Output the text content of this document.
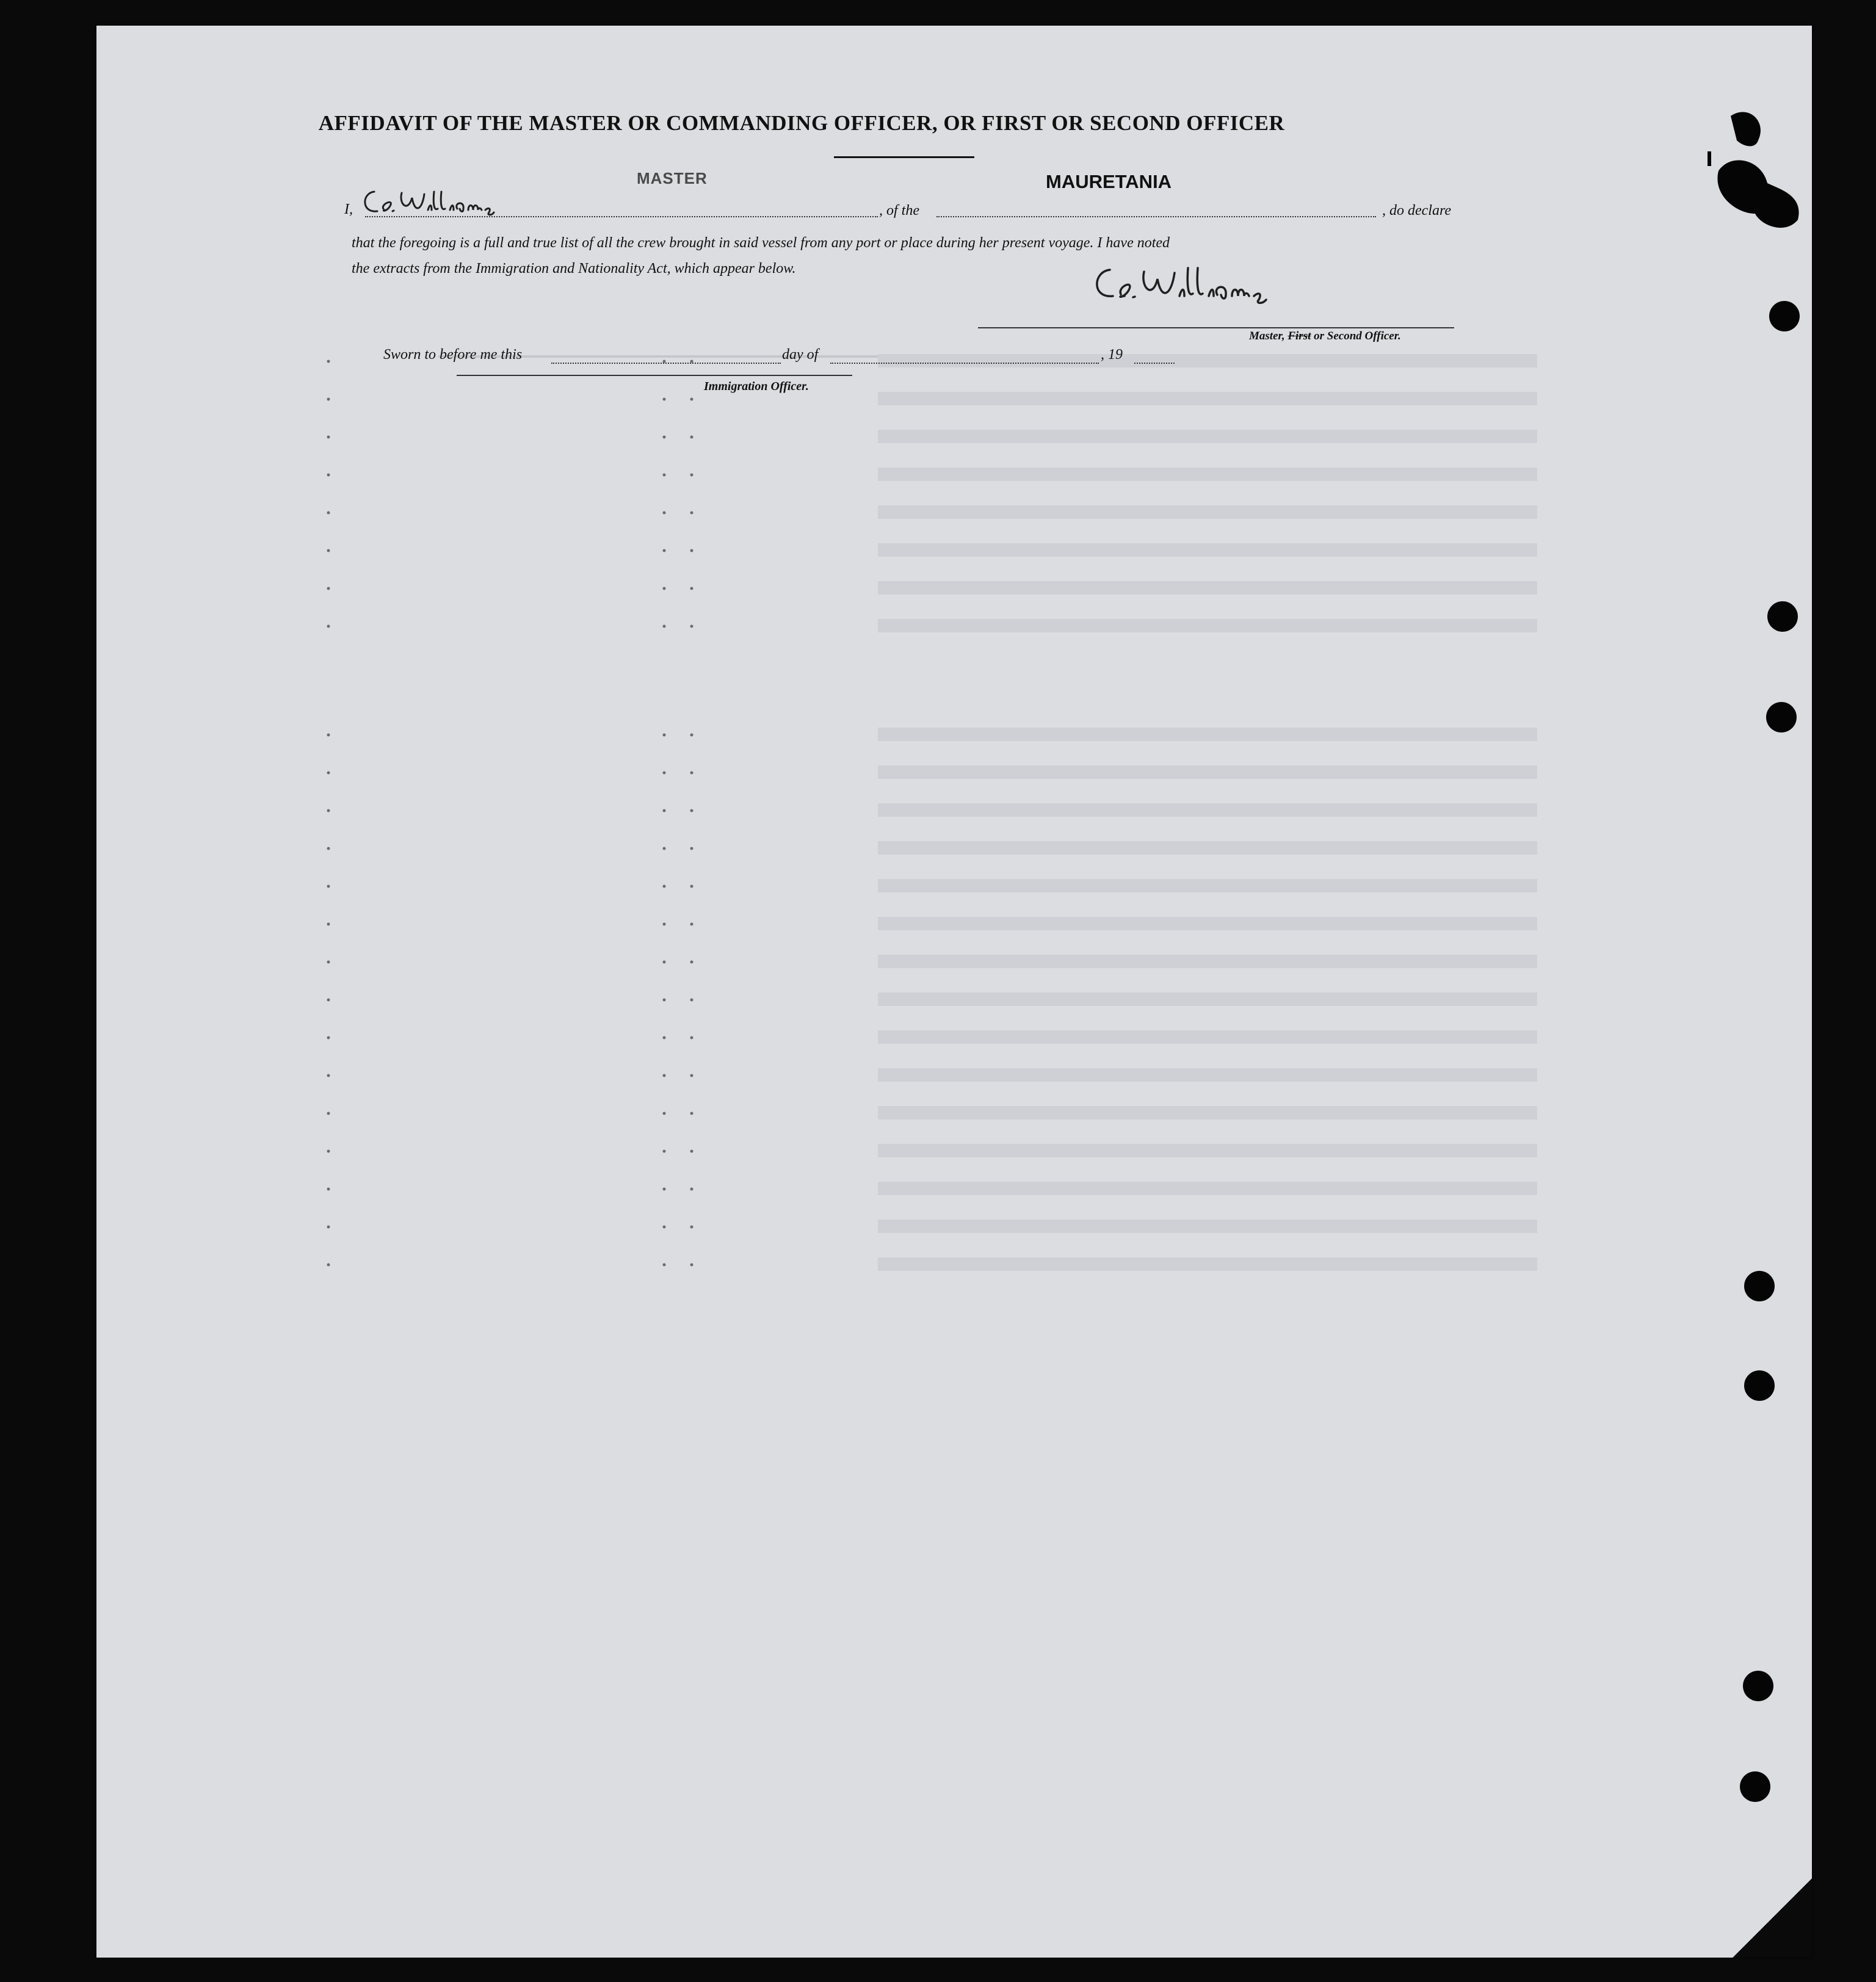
AFFIDAVIT OF THE MASTER OR COMMANDING OFFICER, OR FIRST OR SECOND OFFICER
I,
MASTER
, of the
MAURETANIA
, do declare
that the foregoing is a full and true list of all the crew brought in said vessel from any port or place during her present voyage. I have noted
the extracts from the Immigration and Nationality Act, which appear below.
Master, First or Second Officer.
Sworn to before me this	day of	, 19
Immigration Officer.
